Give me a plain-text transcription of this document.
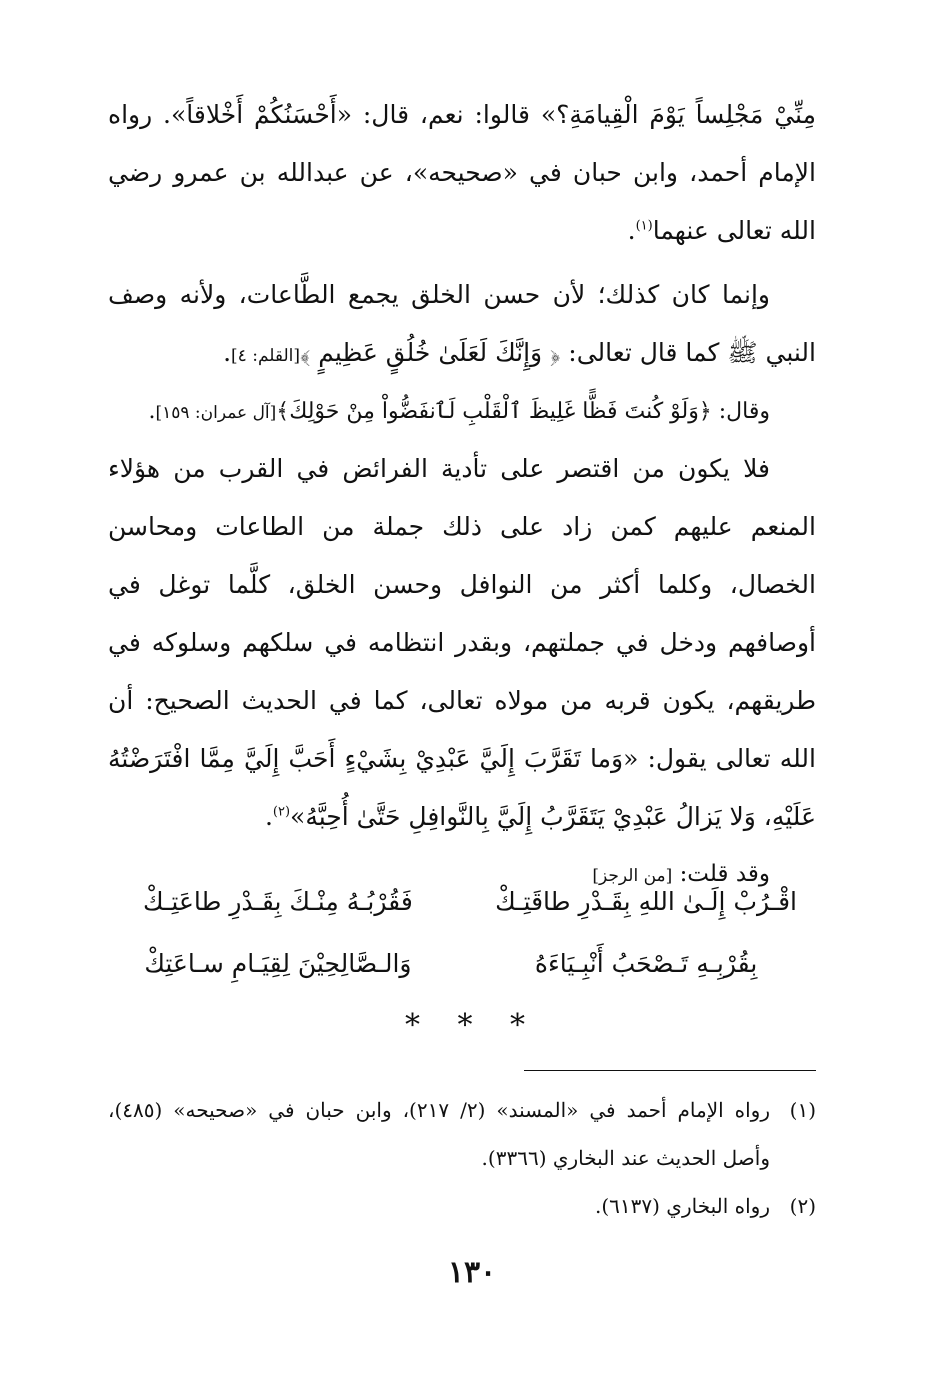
مِنِّيْ مَجْلِساً يَوْمَ الْقِيامَةِ؟» قالوا: نعم، قال: «أَحْسَنُكُمْ أَخْلاقاً». رواه الإمام أحمد، وابن حبان في «صحيحه»، عن عبدالله بن عمرو رضي الله تعالى عنهما$^{(١)}$.

وإنما كان كذلك؛ لأن حسن الخلق يجمع الطَّاعات، ولأنه وصف النبي ﷺ كما قال تعالى: ﴿ وَإِنَّكَ لَعَلَىٰ خُلُقٍ عَظِيمٍ ﴾[القلم: ٤].

وقال: ﴿وَلَوْ كُنتَ فَظًّا غَلِيظَ ٱلْقَلْبِ لَٱنفَضُّواْ مِنْ حَوْلِكَ﴾[آل عمران: ١٥٩].

فلا يكون من اقتصر على تأدية الفرائض في القرب من هؤلاء المنعم عليهم كمن زاد على ذلك جملة من الطاعات ومحاسن الخصال، وكلما أكثر من النوافل وحسن الخلق، كلَّما توغل في أوصافهم ودخل في جملتهم، وبقدر انتظامه في سلكهم وسلوكه في طريقهم، يكون قربه من مولاه تعالى، كما في الحديث الصحيح: أن الله تعالى يقول: «وَما تَقَرَّبَ إِلَيَّ عَبْدِيْ بِشَيْءٍ أَحَبَّ إِلَيَّ مِمَّا افْتَرَضْتُهُ عَلَيْهِ، وَلا يَزالُ عَبْدِيْ يَتَقَرَّبُ إِلَيَّ بِالنَّوافِلِ حَتَّىٰ أُحِبَّهُ»$^{(٢)}$.

وقد قلت: [من الرجز]

اقْـرُبْ إِلَـىٰ اللهِ بِقَـدْرِ طاقَتِـكْ
فَقُرْبُـهُ مِنْـكَ بِقَـدْرِ طاعَتِـكْ
بِقُرْبِـهِ تَـصْحَبُ أَنْبِـيَاءَهُ
وَالـصَّالِحِيْنَ لِقِيَـامِ سـاعَتِكْ
* * *
(١)
رواه الإمام أحمد في «المسند» (٢/ ٢١٧)، وابن حبان في «صحيحه» (٤٨٥)، وأصل الحديث عند البخاري (٣٣٦٦).
(٢)
رواه البخاري (٦١٣٧).
١٣٠
